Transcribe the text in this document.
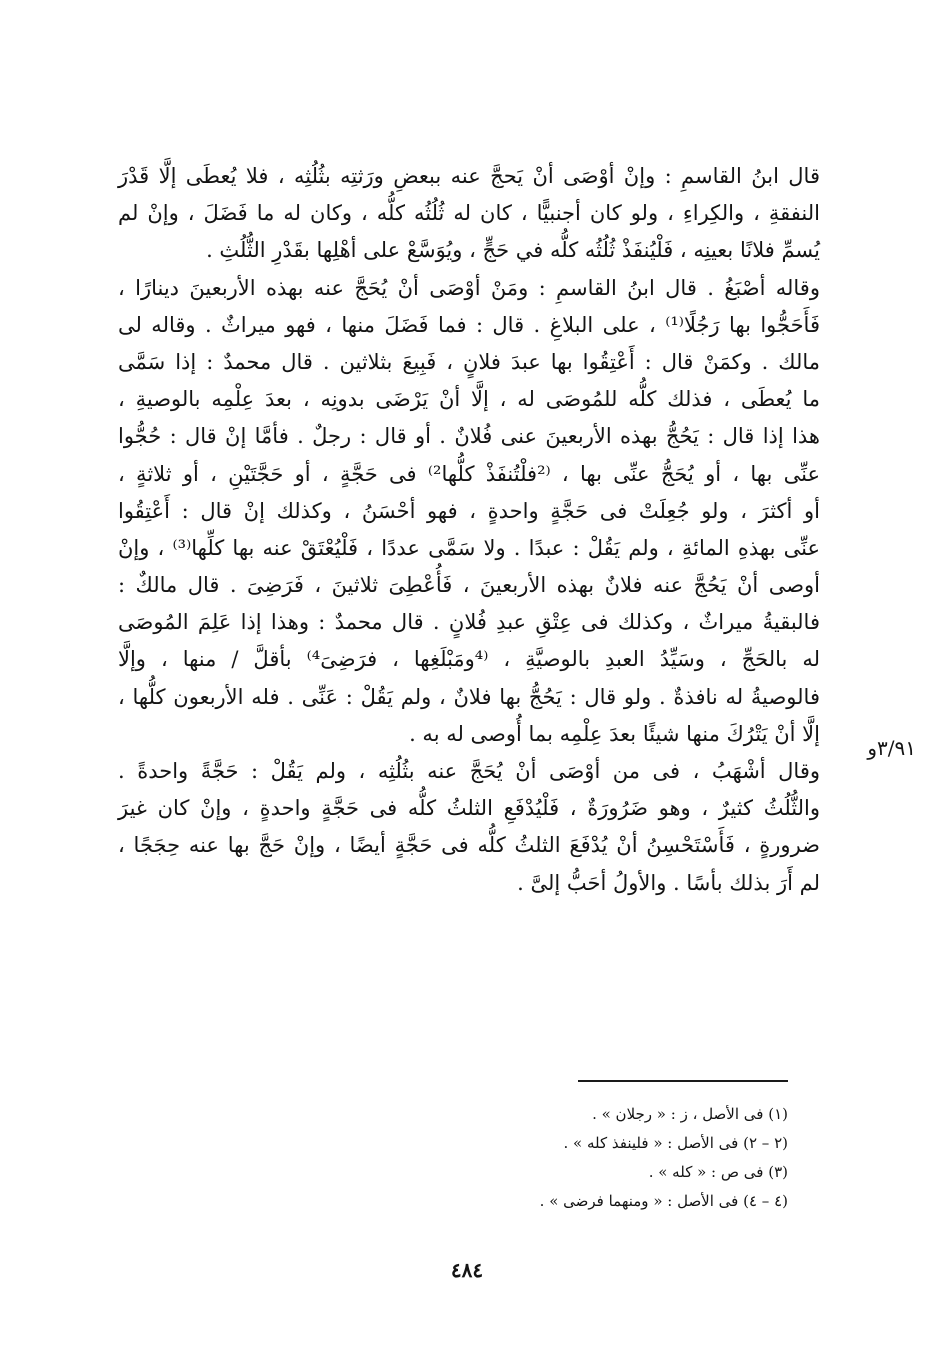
قال ابنُ القاسمِ : وإنْ أوْصَى أنْ يَحجَّ عنه ببعضِ ورَثتِه بثُلُثِه ، فلا يُعطَى إلَّا قَدْرَ
النفقةِ ، والكِراءِ ، ولو كان أجنبيًّا ، كان له ثُلُثُه كلُّه ، وكان له ما فَضَلَ ، وإنْ لم
يُسمِّ فلانًا بعينِه ، فَلْيُنفَذْ ثُلُثُه كلُّه في حَجٍّ ، ويُوَسَّعْ على أهْلِها بقَدْرِ الثُّلُثِ .
وقاله أصْبَغُ . قال ابنُ القاسمِ : ومَنْ أوْصَى أنْ يُحَجَّ عنه بهذه الأربعينَ دينارًا ،
فَأَحَجُّوا بها رَجُلًا⁽¹⁾ ، على البلاغِ . قال : فما فَضَلَ منها ، فهو ميراثٌ . وقاله لى
مالك . وكمَنْ قال : أَعْتِقُوا بها عبدَ فلانٍ ، فَبِيعَ بثلاثين . قال محمدٌ : إذا سَمَّى
ما يُعطَى ، فذلك كلُّه للمُوصَى له ، إلَّا أنْ يَرْضَى بدونِه ، بعدَ عِلْمِه بالوصيةِ ،
هذا إذا قال : يَحُجُّ بهذه الأربعينَ عنى فُلانٌ . أو قال : رجلٌ . فأمَّا إنْ قال : حُجُّوا
عنِّى بها ، أو يُحَجُّ عنِّى بها ، ⁽²فلْتُنفَذْ كلُّها²⁾ فى حَجَّةٍ ، أو حَجَّتَيْنِ ، أو ثلاثةٍ ،
أو أكثرَ ، ولو جُعِلَتْ فى حَجَّةٍ واحدةٍ ، فهو أحْسَنُ ، وكذلك إنْ قال : أَعْتِقُوا
عنِّى بهذهِ المائةِ ، ولم يَقُلْ : عبدًا . ولا سَمَّى عددًا ، فَلْيُعْتَقْ عنه بها كلِّها⁽³⁾ ، وإنْ
أوصى أنْ يَحُجَّ عنه فلانٌ بهذه الأربعينَ ، فَأُعْطِىَ ثلاثينَ ، فَرَضِىَ . قال مالكٌ :
فالبقيةُ ميراثٌ ، وكذلك فى عِتْقِ عبدِ فُلانٍ . قال محمدٌ : وهذا إذا عَلِمَ المُوصَى
له بالحَجِّ ، وسَيِّدُ العبدِ بالوصيَّةِ ، ⁽⁴ومَبْلَغِها ، فرَضِىَ⁴⁾ بأقلَّ / منها ، وإلَّا
فالوصيةُ له نافذةٌ . ولو قال : يَحُجُّ بها فلانٌ ، ولم يَقُلْ : عَنِّى . فله الأربعون كلُّها ،
إلَّا أنْ يَتْرُكَ منها شيئًا بعدَ عِلْمِه بما أُوصى له به .
وقال أشْهَبُ ، فى من أوْصَى أنْ يُحَجَّ عنه بثُلُثِه ، ولم يَقُلْ : حَجَّةً واحدةً .
والثُّلُثُ كثيرٌ ، وهو ضَرُورَةٌ ، فَلْيُدْفَعِ الثلثُ كلُّه فى حَجَّةٍ واحدةٍ ، وإنْ كان غيرَ
ضرورةٍ ، فَأَسْتَحْسِنُ أنْ يُدْفَعَ الثلثُ كلُّه فى حَجَّةٍ أيضًا ، وإنْ حَجَّ بها عنه حِجَجًا ،
لم أَرَ بذلك بأسًا . والأولُ أحَبُّ إلىَّ .
٣/٩١و
(١) فى الأصل ، ز : « رجلان » .
(٢ – ٢) فى الأصل : « فلينفذ كله » .
(٣) فى ص : « كله » .
(٤ – ٤) فى الأصل : « ومنهما فرضى » .
٤٨٤
